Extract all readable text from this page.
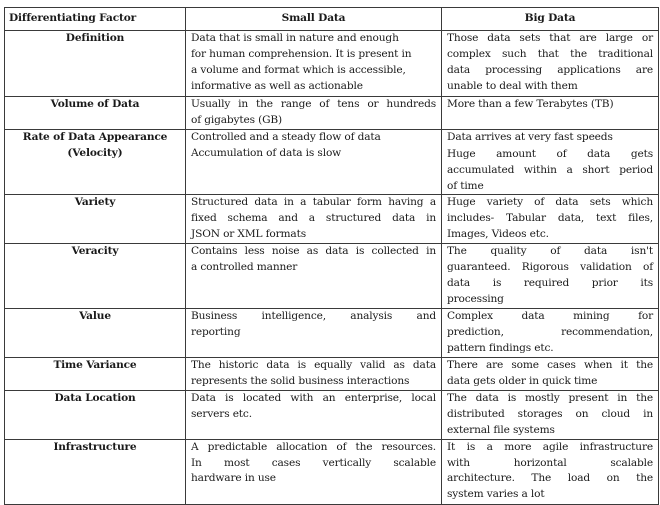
Differentiating Factor	Small Data	Big Data
Definition	Data that is small in nature and enough
for human comprehension. It is present in
a volume and format which is accessible,
informative as well as actionable	Those data sets that are large or
complex such that the traditional
data processing applications are
unable to deal with them

Volume of Data	Usually in the range of tens or hundreds
of gigabytes (GB)	More than a few Terabytes (TB)

Rate of Data Appearance (Velocity)	Controlled and a steady flow of data
Accumulation of data is slow	Data arrives at very fast speeds
Huge amount of data gets
accumulated within a short period
of time

Variety	Structured data in a tabular form having a
fixed schema and a structured data in
JSON or XML formats	Huge variety of data sets which
includes- Tabular data, text files,
Images, Videos etc.

Veracity	Contains less noise as data is collected in
a controlled manner	The quality of data isn't
guaranteed. Rigorous validation of
data is required prior its
processing

Value	Business intelligence, analysis and
reporting	Complex data mining for
prediction, recommendation,
pattern findings etc.

Time Variance	The historic data is equally valid as data
represents the solid business interactions	There are some cases when it the
data gets older in quick time

Data Location	Data is located with an enterprise, local
servers etc.	The data is mostly present in the
distributed storages on cloud in
external file systems

Infrastructure	A predictable allocation of the resources.
In most cases vertically scalable
hardware in use	It is a more agile infrastructure
with horizontal scalable
architecture. The load on the
system varies a lot
